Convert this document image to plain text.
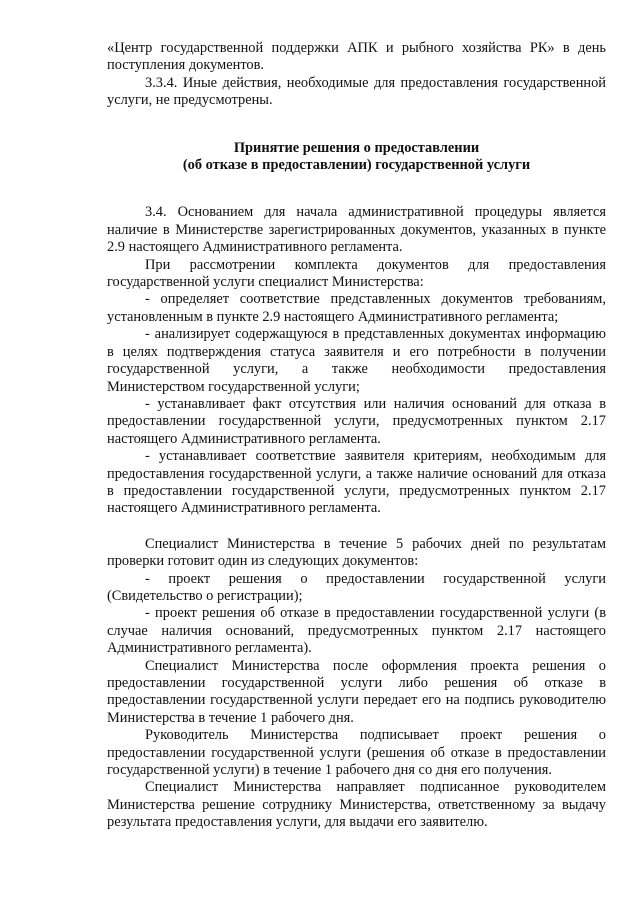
«Центр государственной поддержки АПК и рыбного хозяйства РК» в день поступления документов.

3.3.4. Иные действия, необходимые для предоставления государственной услуги, не предусмотрены.

Принятие решения о предоставлении
(об отказе в предоставлении) государственной услуги

3.4. Основанием для начала административной процедуры является наличие в Министерстве зарегистрированных документов, указанных в пункте 2.9 настоящего Административного регламента.

При рассмотрении комплекта документов для предоставления государственной услуги специалист Министерства:

- определяет соответствие представленных документов требованиям, установленным в пункте 2.9 настоящего Административного регламента;

- анализирует содержащуюся в представленных документах информацию в целях подтверждения статуса заявителя и его потребности в получении государственной услуги, а также необходимости предоставления Министерством государственной услуги;

- устанавливает факт отсутствия или наличия оснований для отказа в предоставлении государственной услуги, предусмотренных пунктом 2.17 настоящего Административного регламента.

- устанавливает соответствие заявителя критериям, необходимым для предоставления государственной услуги, а также наличие оснований для отказа в предоставлении государственной услуги, предусмотренных пунктом 2.17 настоящего Административного регламента.

Специалист Министерства в течение 5 рабочих дней по результатам проверки готовит один из следующих документов:

- проект решения о предоставлении государственной услуги (Свидетельство о регистрации);

- проект решения об отказе в предоставлении государственной услуги (в случае наличия оснований, предусмотренных пунктом 2.17 настоящего Административного регламента).

Специалист Министерства после оформления проекта решения о предоставлении государственной услуги либо решения об отказе в предоставлении государственной услуги передает его на подпись руководителю Министерства в течение 1 рабочего дня.

Руководитель Министерства подписывает проект решения о предоставлении государственной услуги (решения об отказе в предоставлении государственной услуги) в течение 1 рабочего дня со дня его получения.

Специалист Министерства направляет подписанное руководителем Министерства решение сотруднику Министерства, ответственному за выдачу результата предоставления услуги, для выдачи его заявителю.
